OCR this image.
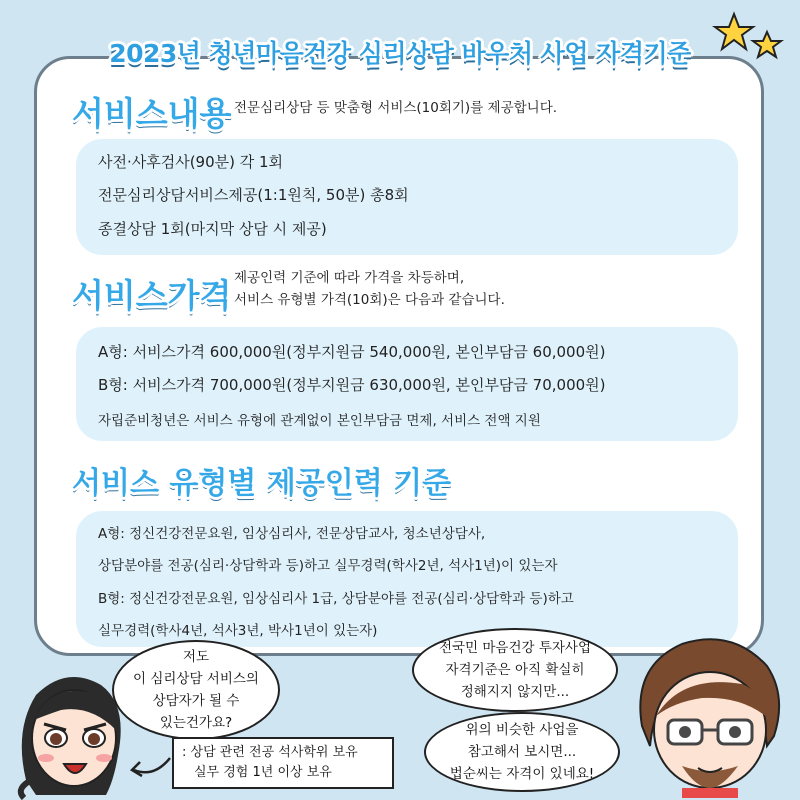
2023년 청년마음건강 심리상담 바우처 사업 자격기준
서비스내용 전문심리상담 등 맞춤형 서비스(10회기)를 제공합니다.
사전·사후검사(90분) 각 1회
전문심리상담서비스제공(1:1원칙, 50분) 총8회
종결상담 1회(마지막 상담 시 제공)
서비스가격 제공인력 기준에 따라 가격을 차등하며,
서비스 유형별 가격(10회)은 다음과 같습니다.
A형: 서비스가격 600,000원(정부지원금 540,000원, 본인부담금 60,000원)
B형: 서비스가격 700,000원(정부지원금 630,000원, 본인부담금 70,000원)
자립준비청년은 서비스 유형에 관계없이 본인부담금 면제, 서비스 전액 지원
서비스 유형별 제공인력 기준
A형: 정신건강전문요원, 임상심리사, 전문상담교사, 청소년상담사,
상담분야를 전공(심리·상담학과 등)하고 실무경력(학사2년, 석사1년)이 있는자
B형: 정신건강전문요원, 임상심리사 1급, 상담분야를 전공(심리·상담학과 등)하고
실무경력(학사4년, 석사3년, 박사1년이 있는자)
저도
이 심리상담 서비스의
상담자가 될 수
있는건가요?
: 상담 관련 전공 석사학위 보유
실무 경험 1년 이상 보유
전국민 마음건강 투자사업
자격기준은 아직 확실히
정해지지 않지만...
위의 비슷한 사업을
참고해서 보시면...
법순씨는 자격이 있네요!
